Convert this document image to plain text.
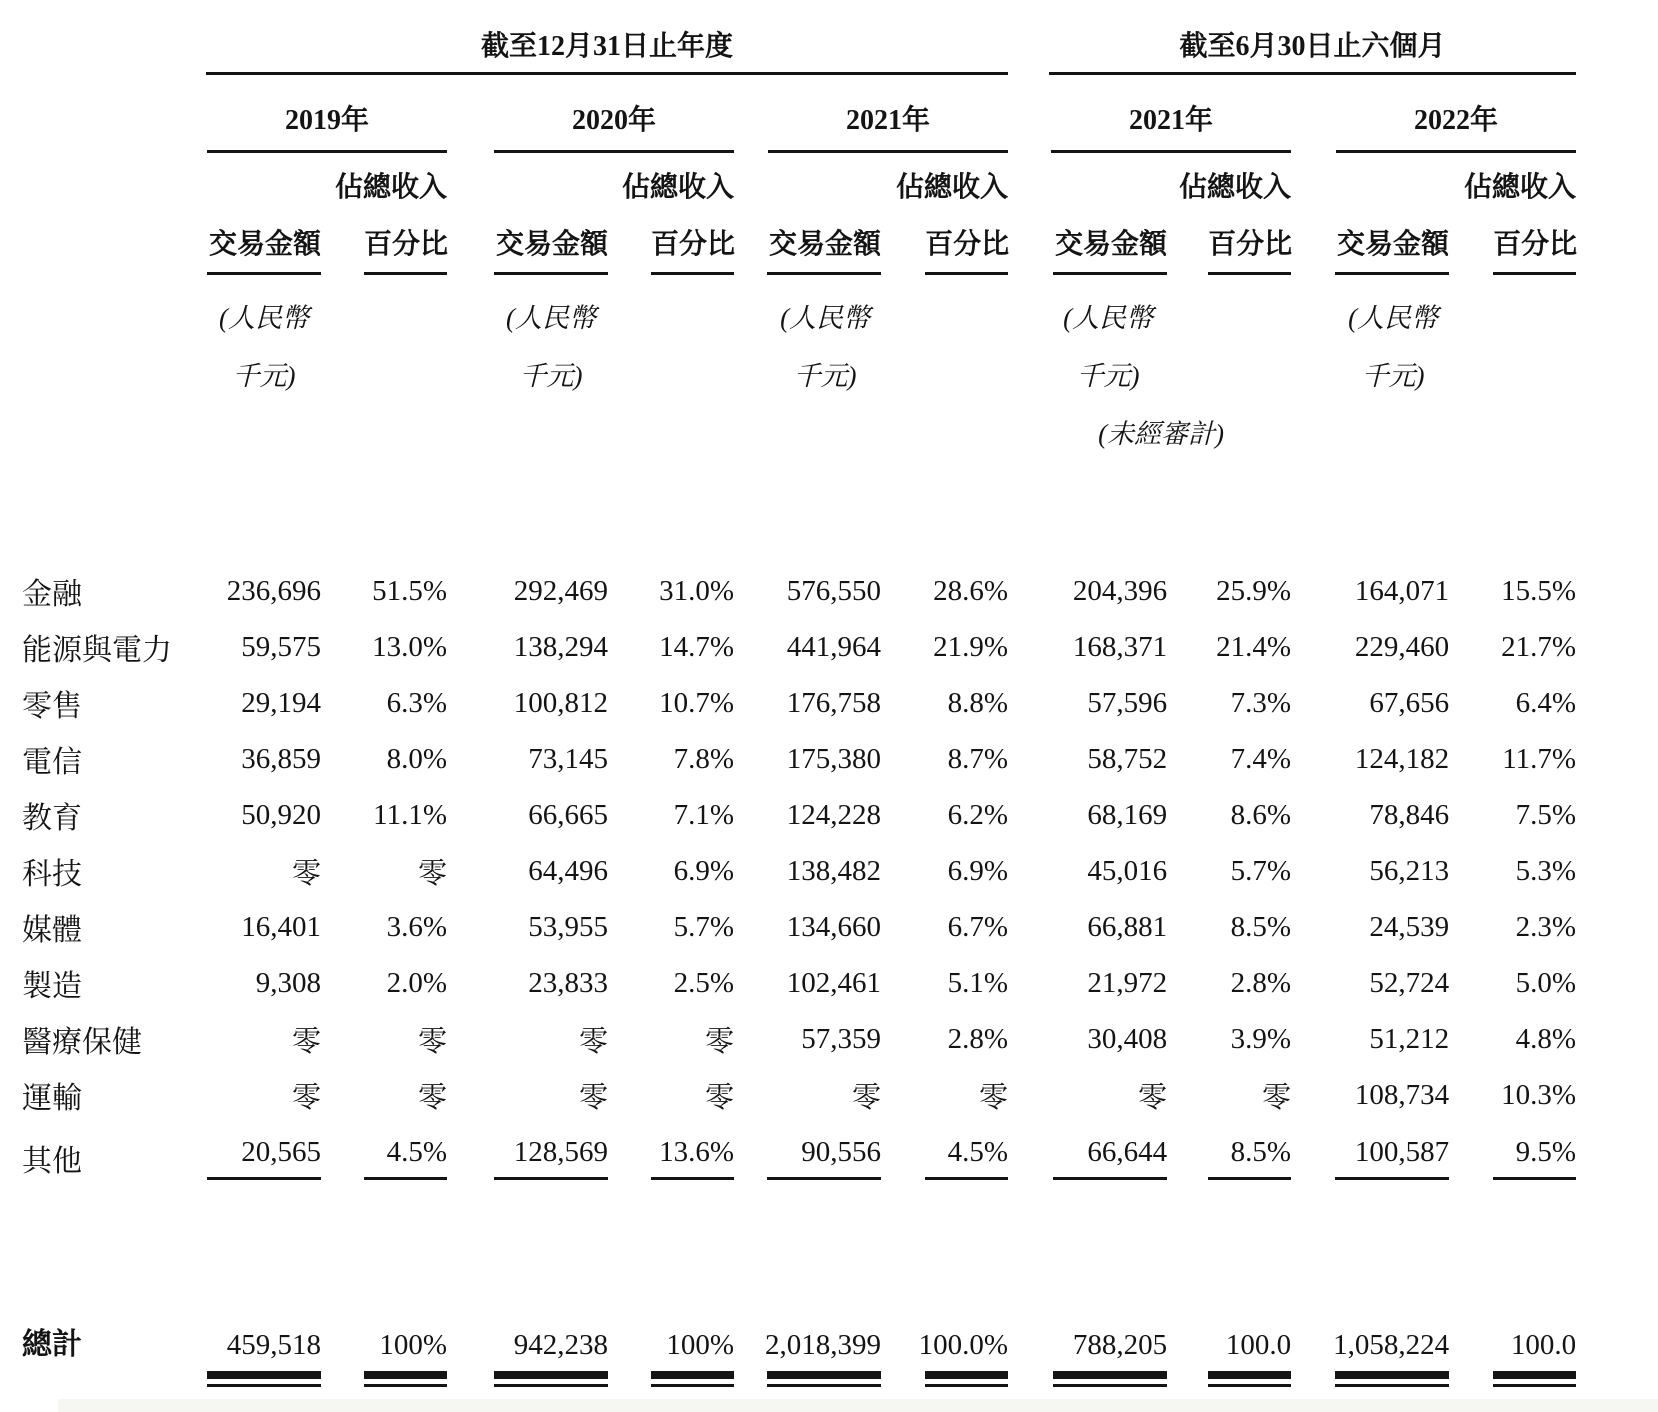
截至12月31日止年度						截至6月30日止六個月			

2019年		2020年		2021年		2021年		2022年	

		佔總收入		佔總收入		佔總收入		佔總收入		佔總收入
	交易金額	百分比	交易金額	百分比	交易金額	百分比	交易金額	百分比	交易金額	百分比

(人民幣
千元)

(人民幣
千元)

(人民幣
千元)

(人民幣
千元)
(未經審計)

(人民幣
千元)

金融	236,696	51.5%	292,469	31.0%	576,550	28.6%	204,396	25.9%	164,071	15.5%
能源與電力	59,575	13.0%	138,294	14.7%	441,964	21.9%	168,371	21.4%	229,460	21.7%
零售	29,194	6.3%	100,812	10.7%	176,758	8.8%	57,596	7.3%	67,656	6.4%
電信	36,859	8.0%	73,145	7.8%	175,380	8.7%	58,752	7.4%	124,182	11.7%
教育	50,920	11.1%	66,665	7.1%	124,228	6.2%	68,169	8.6%	78,846	7.5%
科技	零	零	64,496	6.9%	138,482	6.9%	45,016	5.7%	56,213	5.3%
媒體	16,401	3.6%	53,955	5.7%	134,660	6.7%	66,881	8.5%	24,539	2.3%
製造	9,308	2.0%	23,833	2.5%	102,461	5.1%	21,972	2.8%	52,724	5.0%
醫療保健	零	零	零	零	57,359	2.8%	30,408	3.9%	51,212	4.8%
運輸	零	零	零	零	零	零	零	零	108,734	10.3%
其他	20,565	4.5%	128,569	13.6%	90,556	4.5%	66,644	8.5%	100,587	9.5%

總計	459,518	100%	942,238	100%	2,018,399	100.0%	788,205	100.0	1,058,224	100.0
